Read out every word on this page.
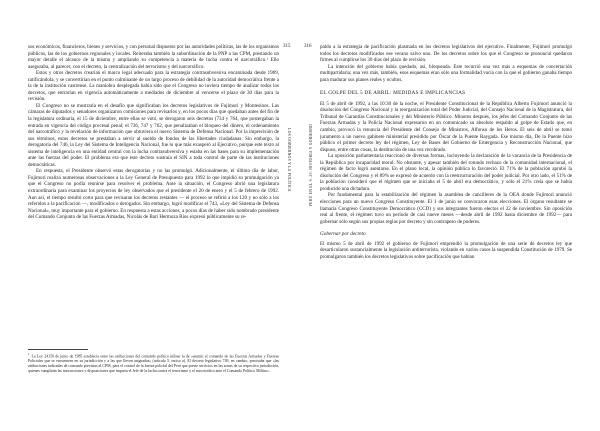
315
LOS GOBIERNOS Y LA POLÍTICA

sos económicos, financieros, bienes y servicios, y con personal dispuesto por las autoridades políticas, las de los organismos públicos, las de los gobiernos regionales y locales. Reiteraba también la subordinación de la PNP a las CPM, prestando un mayor detalle el alcance de la misma y ampliando su competencia a materia de lucha contra el narcotráfico.¹ Ello aseguraba, al parecer, con el decreto, la centralización del terrorismo y del narcotráfico.

Estos y otros decretos crearían el marco legal adecuado para la estrategia contrasubversiva encaminada desde 1989, ratificándola, y se convertirían en el punto culminante de un largo proceso de debilidad de la autoridad democrática frente a la de la institución castrense. La maniobra desplegada había sido que el Congreso no tuviera tiempo de analizar todos los decretos, que entrarían en vigencia automáticamente a mediados de diciembre al vencerse el plazo de 30 días para la revisión.

El Congreso no se mostraría en el desafío que significaban los decretos legislativos de Fujimori y Montesinos. Las cámaras de diputados y senadores organizaron comisiones para revisarlos y, en los pocos días que quedaban antes del fin de la legislatura ordinaria, el 15 de diciembre, entre ellas se votó, se derogaron seis decretos (734 y 764, que postergaban la entrada en vigencia del código procesal penal; el 736, 747 y 762, que penalizaban el bloqueo del dinero, el ordenamiento del narcotráfico y la revelación de información que obtuviera el nuevo Sistema de Defensa Nacional. Por la imprecisión de sus términos, estos decretos se prestaban a servir al sueldo de fondos de las libertades ciudadanas. Sin embargo, la derogatoria del 746, la Ley del Sistema de Inteligencia Nacional, fue lo que más exasperó al Ejecutivo, porque este texto al sistema de inteligencia en una entidad central con la lucha contrasubversiva y estaba en las bases para su implementación ante las fuerzas del poder. El problema era que este decreto sustraía el SIN a toda control de parte de las instituciones democráticas.

En respuesta, el Presidente observó estas derogatorias y no las promulgó. Adicionalmente, el último día de labor, Fujimori realizó numerosas observaciones a la Ley General de Presupuesto para 1992 lo que impidió su promulgación ya que el Congreso no podía reunirse para resolver el problema. Ante la situación, el Congreso abrió una legislatura extraordinaria para examinar los proyectos de ley observados que el presidente el 20 de enero y el 5 de febrero de 1992. Aun así, el tiempo resultó corto para que revisaran los decretos restantes — el proceso se refirió a los 120 y no sólo a los referidos a la pacificación —, modificados o derogados. Sin embargo, logró modificar el 743, «Ley del Sistema de Defensa Nacional», muy importante para el gobierno. En respuesta a estas acciones, a pocos días de haber sido nombrado presidente del Comando Conjunto de las Fuerzas Armadas, Nicolás de Bari Hermoza Ríos expresó públicamente su re-

$^1$La Ley 24150 de junio de 1985 establecía entre las atribuciones del comando político militar la de «asumir el comando de las Fuerzas Armadas y Fuerzas Policiales que se encuentren en su jurisdicción y a las que lleven asignadas» (artículo 5, inciso a). El decreto legislativo 749, en cambio, precisaba que «las atribuciones indicadas de comando previstas al CPM, para el control de la fuerza policial del Perú que preste servicios en las zonas de su respectiva jurisdicción, quienes cumplirán las instrucciones y disposiciones que imparta el Jefe de la lucha contra el terrorismo y el narcotráfico ante el Comando Político Militar».
316
PERÚ EN EL S. 20: HISTORIA Y GOBIERNO

paldo a la estrategia de pacificación plasmada en los decretos legislativos del ejecutivo. Finalmente, Fujimori promulgó todos los decretos modificados ese verano salvo uno. De los decretos sobre los que el Congreso se pronunció quedaron firmes al cumplirse los 30 días del plazo de revisión.

La intención del gobierno había quedado, así, bloqueada. Este recurrió una vez más a esquemas de concertación multipartidaria; una vez más, también, esos esquemas eran sólo una formalidad vacía con la que el gobierno ganaba tiempo para madurar sus planes reales y ocultos.

EL GOLPE DEL 5 DE ABRIL: MEDIDAS E IMPLICANCIAS

El 5 de abril de 1992, a las 10:30 de la noche, el Presidente Constitucional de la República Alberto Fujimori anunció la disolución del Congreso Nacional y la reorganización total del Poder Judicial, del Consejo Nacional de la Magistratura, del Tribunal de Garantías Constitucionales y del Ministerio Público. Minutos después, los jefes del Comando Conjunto de las Fuerzas Armadas y la Policía Nacional expresaron en un comunicado su absoluto respaldo al golpe de Estado que, en cambio, provocó la renuncia del Presidente del Consejo de Ministros, Alfonso de los Heros. El seis de abril se tomó juramento a un nuevo gabinete ministerial presidido por Óscar de la Puente Raygada. Ese mismo día, De la Puente hizo público el primer decreto ley del régimen, Ley de Bases del Gobierno de Emergencia y Reconstrucción Nacional, que dispuso, entre otras cosas, la destitución de una vez recobrado.

La oposición parlamentaria reaccionó de diversas formas, incluyendo la declaración de la vacancia de la Presidencia de la República por incapacidad moral. No obstante, y apesar también del rotundo rechazo de la comunidad internacional, el régimen de facto logró asentarse. En el plano local, la opinión pública lo favoreció. El 71% de la población aprobó la disolución del Congreso y el 89% se expresó de acuerdo con la reestructuración del poder judicial. Por otro lado, el 51% de la población consideró que el régimen que se iniciaba el 5 de abril era democrático, y sólo el 21% creía que se había producido una dictadura.

Por fundamental para la estabilización del régimen la asamblea de cancilleres de la OEA donde Fujimori anunció elecciones para un nuevo Congreso Constituyente. El 1 de junio se convocaron esas elecciones. El órgano resultante se llamaría Congreso Constituyente Democrático (CCD) y sus integrantes fueron electos el 22 de noviembre. Sin oposición real al frente, el régimen tuvo un período de casi nueve meses —desde abril de 1992 hasta diciembre de 1992— para gobernar sólo según sus propias reglas por decreto y sin contrapeso de poderes.

Gobernar por decreto

El mismo 5 de abril de 1992 el gobierno de Fujimori emprendió la promulgación de una serie de decretos ley que desarticularon sustancialmente la legislación antiterrorista, violando en varios casos la suspendida Constitución de 1979. Se promulgaron también los decretos legislativos sobre pacificación que habían
